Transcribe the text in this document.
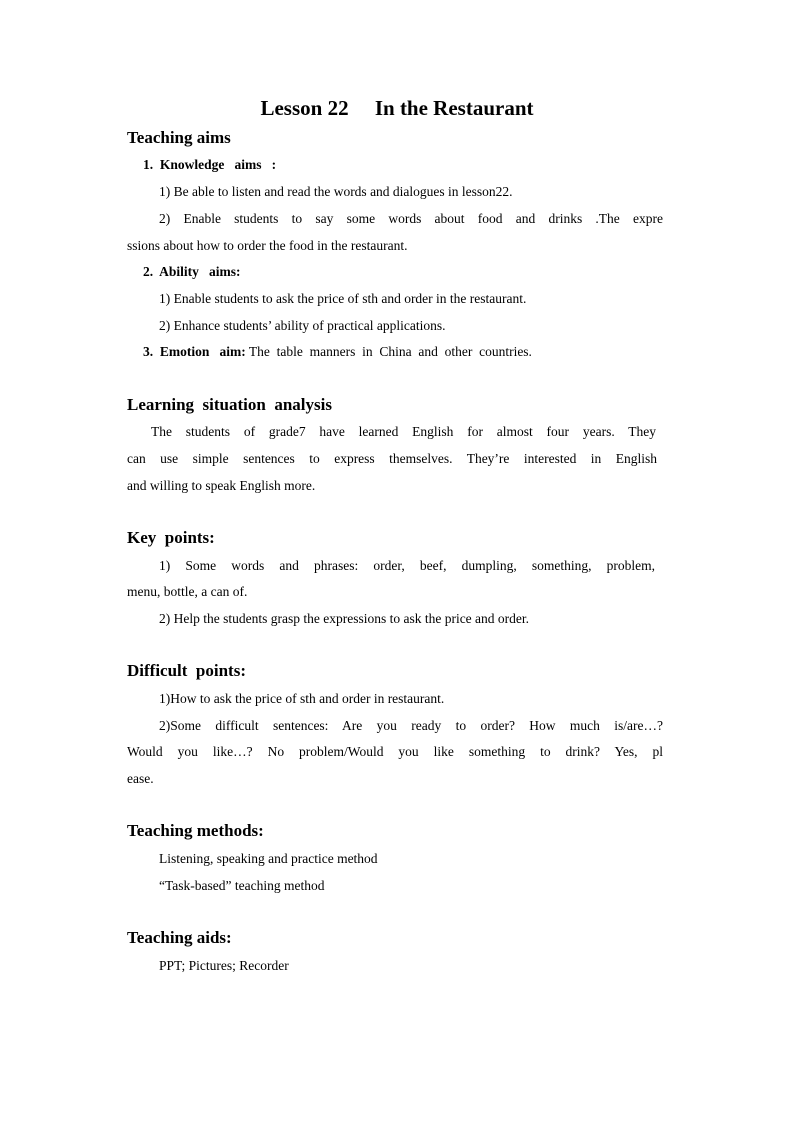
Lesson 22     In the Restaurant
Teaching aims
1.  Knowledge   aims   :

1) Be able to listen and read the words and dialogues in lesson22.

2) Enable students to say some words about food and drinks .The expre

ssions about how to order the food in the restaurant.

2.  Ability   aims:

1) Enable students to ask the price of sth and order in the restaurant.

2) Enhance students’ ability of practical applications.

3.  Emotion   aim: The  table  manners  in  China  and  other  countries.
Learning  situation  analysis

The students of grade7 have learned English for almost four years. They

can use simple sentences to express themselves. They’re interested in English

and willing to speak English more.

Key  points:

1) Some words and phrases: order, beef, dumpling, something, problem,

menu, bottle, a can of.

2) Help the students grasp the expressions to ask the price and order.

Difficult  points:

1)How to ask the price of sth and order in restaurant.

2)Some difficult sentences: Are you ready to order? How much is/are…?

Would you like…? No problem/Would you like something to drink? Yes, pl

ease.

Teaching methods:

Listening, speaking and practice method

“Task-based” teaching method

Teaching aids:

PPT; Pictures; Recorder
